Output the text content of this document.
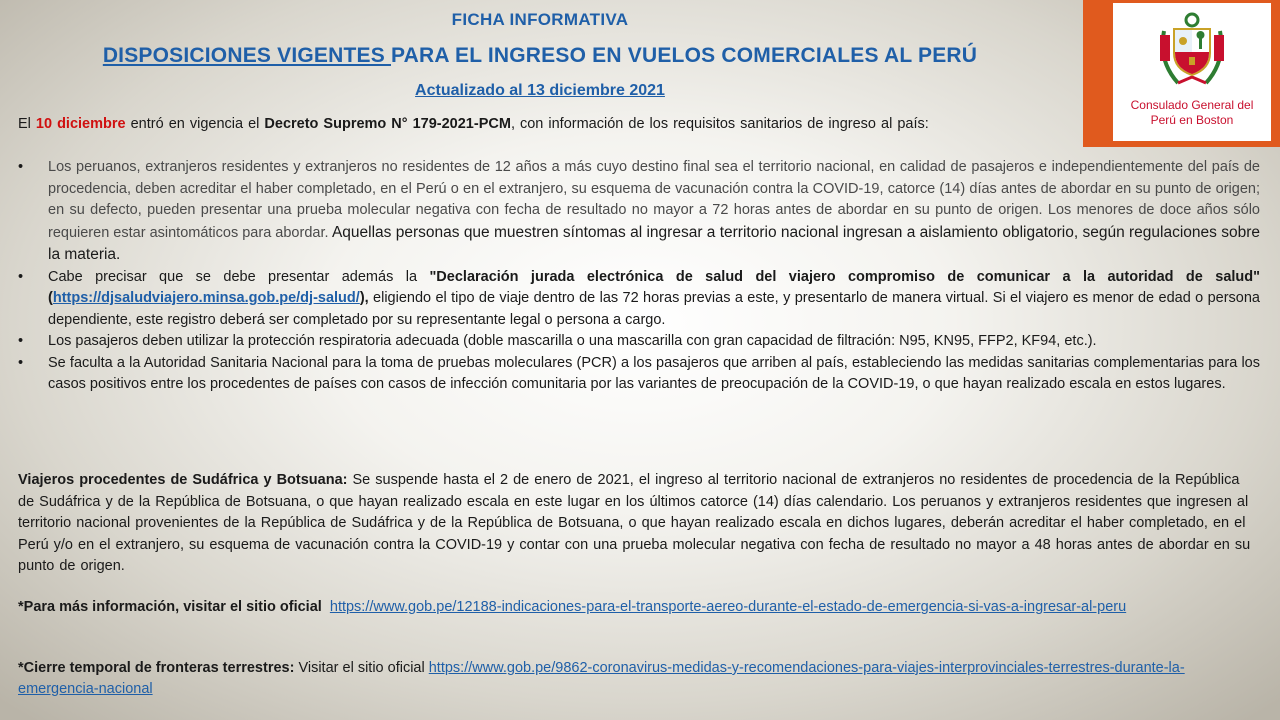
FICHA INFORMATIVA
DISPOSICIONES VIGENTES PARA EL INGRESO EN VUELOS COMERCIALES AL PERÚ
Actualizado al 13 diciembre 2021
Consulado General del
Perú en Boston
El 10 diciembre entró en vigencia el Decreto Supremo N° 179-2021-PCM, con información de los requisitos sanitarios de ingreso al país:
• Los peruanos, extranjeros residentes y extranjeros no residentes de 12 años a más cuyo destino final sea el territorio nacional, en calidad de pasajeros e independientemente del país de procedencia, deben acreditar el haber completado, en el Perú o en el extranjero, su esquema de vacunación contra la COVID-19, catorce (14) días antes de abordar en su punto de origen; en su defecto, pueden presentar una prueba molecular negativa con fecha de resultado no mayor a 72 horas antes de abordar en su punto de origen. Los menores de doce años sólo requieren estar asintomáticos para abordar. Aquellas personas que muestren síntomas al ingresar a territorio nacional ingresan a aislamiento obligatorio, según regulaciones sobre la materia.
• Cabe precisar que se debe presentar además la "Declaración jurada electrónica de salud del viajero compromiso de comunicar a la autoridad de salud" (https://djsaludviajero.minsa.gob.pe/dj-salud/), eligiendo el tipo de viaje dentro de las 72 horas previas a este, y presentarlo de manera virtual. Si el viajero es menor de edad o persona dependiente, este registro deberá ser completado por su representante legal o persona a cargo.
• Los pasajeros deben utilizar la protección respiratoria adecuada (doble mascarilla o una mascarilla con gran capacidad de filtración: N95, KN95, FFP2, KF94, etc.).
• Se faculta a la Autoridad Sanitaria Nacional para la toma de pruebas moleculares (PCR) a los pasajeros que arriben al país, estableciendo las medidas sanitarias complementarias para los casos positivos entre los procedentes de países con casos de infección comunitaria por las variantes de preocupación de la COVID-19, o que hayan realizado escala en estos lugares.
Viajeros procedentes de Sudáfrica y Botsuana: Se suspende hasta el 2 de enero de 2021, el ingreso al territorio nacional de extranjeros no residentes de procedencia de la República de Sudáfrica y de la República de Botsuana, o que hayan realizado escala en este lugar en los últimos catorce (14) días calendario. Los peruanos y extranjeros residentes que ingresen al territorio nacional provenientes de la República de Sudáfrica y de la República de Botsuana, o que hayan realizado escala en dichos lugares, deberán acreditar el haber completado, en el Perú y/o en el extranjero, su esquema de vacunación contra la COVID-19 y contar con una prueba molecular negativa con fecha de resultado no mayor a 48 horas antes de abordar en su punto de origen.
*Para más información, visitar el sitio oficial https://www.gob.pe/12188-indicaciones-para-el-transporte-aereo-durante-el-estado-de-emergencia-si-vas-a-ingresar-al-peru
*Cierre temporal de fronteras terrestres: Visitar el sitio oficial https://www.gob.pe/9862-coronavirus-medidas-y-recomendaciones-para-viajes-interprovinciales-terrestres-durante-la-emergencia-nacional
